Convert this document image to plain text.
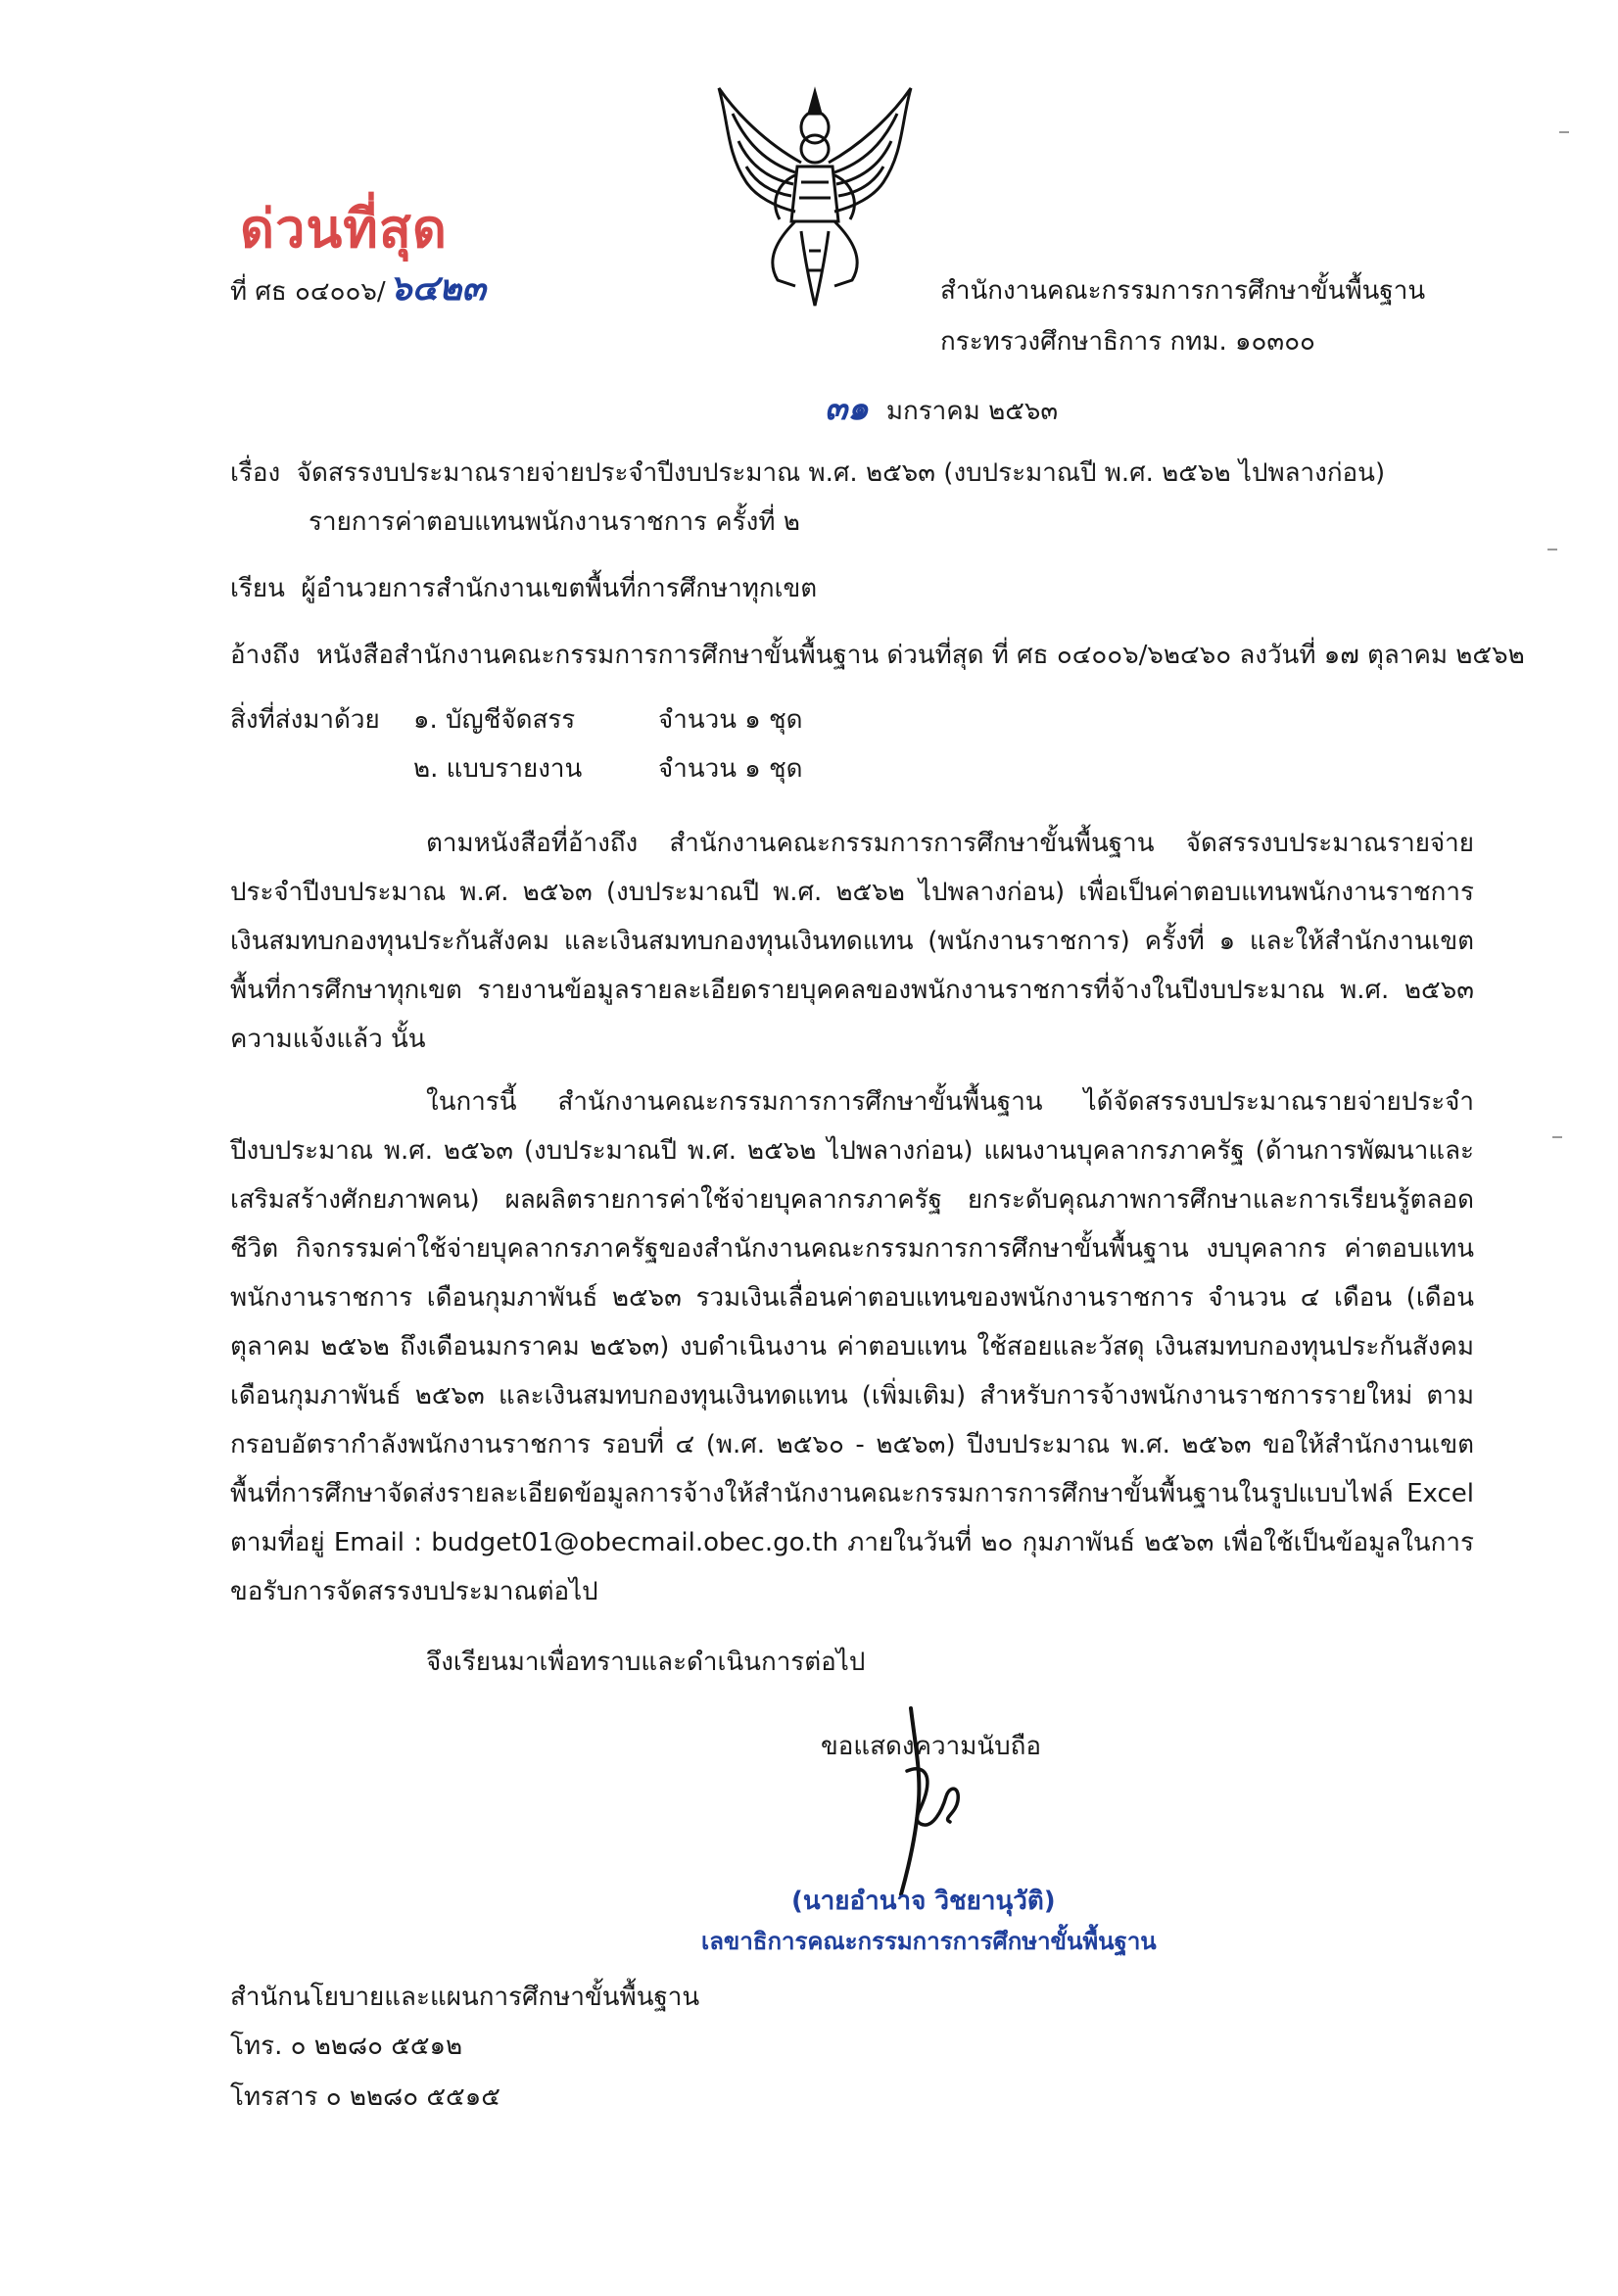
ด่วนที่สุด
ที่ ศธ ๐๔๐๐๖/ ๖๔๒๓	สำนักงานคณะกรรมการการศึกษาขั้นพื้นฐาน
กระทรวงศึกษาธิการ กทม. ๑๐๓๐๐
๓๑ มกราคม ๒๕๖๓
เรื่อง จัดสรรงบประมาณรายจ่ายประจำปีงบประมาณ พ.ศ. ๒๕๖๓ (งบประมาณปี พ.ศ. ๒๕๖๒ ไปพลางก่อน)
รายการค่าตอบแทนพนักงานราชการ ครั้งที่ ๒
เรียน ผู้อำนวยการสำนักงานเขตพื้นที่การศึกษาทุกเขต
อ้างถึง หนังสือสำนักงานคณะกรรมการการศึกษาขั้นพื้นฐาน ด่วนที่สุด ที่ ศธ ๐๔๐๐๖/๖๒๔๖๐ ลงวันที่ ๑๗ ตุลาคม ๒๕๖๒
สิ่งที่ส่งมาด้วย ๑. บัญชีจัดสรร	จำนวน ๑ ชุด
๒. แบบรายงาน	จำนวน ๑ ชุด

ตามหนังสือที่อ้างถึง สำนักงานคณะกรรมการการศึกษาขั้นพื้นฐาน จัดสรรงบประมาณรายจ่ายประจำปีงบประมาณ พ.ศ. ๒๕๖๓ (งบประมาณปี พ.ศ. ๒๕๖๒ ไปพลางก่อน) เพื่อเป็นค่าตอบแทนพนักงานราชการ เงินสมทบกองทุนประกันสังคม และเงินสมทบกองทุนเงินทดแทน (พนักงานราชการ) ครั้งที่ ๑ และให้สำนักงานเขตพื้นที่การศึกษาทุกเขต รายงานข้อมูลรายละเอียดรายบุคคลของพนักงานราชการที่จ้างในปีงบประมาณ พ.ศ. ๒๕๖๓ ความแจ้งแล้ว นั้น

ในการนี้ สำนักงานคณะกรรมการการศึกษาขั้นพื้นฐาน ได้จัดสรรงบประมาณรายจ่ายประจำปีงบประมาณ พ.ศ. ๒๕๖๓ (งบประมาณปี พ.ศ. ๒๕๖๒ ไปพลางก่อน) แผนงานบุคลากรภาครัฐ (ด้านการพัฒนาและเสริมสร้างศักยภาพคน) ผลผลิตรายการค่าใช้จ่ายบุคลากรภาครัฐ ยกระดับคุณภาพการศึกษาและการเรียนรู้ตลอดชีวิต กิจกรรมค่าใช้จ่ายบุคลากรภาครัฐของสำนักงานคณะกรรมการการศึกษาขั้นพื้นฐาน งบบุคลากร ค่าตอบแทนพนักงานราชการ เดือนกุมภาพันธ์ ๒๕๖๓ รวมเงินเลื่อนค่าตอบแทนของพนักงานราชการ จำนวน ๔ เดือน (เดือนตุลาคม ๒๕๖๒ ถึงเดือนมกราคม ๒๕๖๓) งบดำเนินงาน ค่าตอบแทน ใช้สอยและวัสดุ เงินสมทบกองทุนประกันสังคม เดือนกุมภาพันธ์ ๒๕๖๓ และเงินสมทบกองทุนเงินทดแทน (เพิ่มเติม) สำหรับการจ้างพนักงานราชการรายใหม่ ตามกรอบอัตรากำลังพนักงานราชการ รอบที่ ๔ (พ.ศ. ๒๕๖๐ - ๒๕๖๓) ปีงบประมาณ พ.ศ. ๒๕๖๓ ขอให้สำนักงานเขตพื้นที่การศึกษาจัดส่งรายละเอียดข้อมูลการจ้างให้สำนักงานคณะกรรมการการศึกษาขั้นพื้นฐานในรูปแบบไฟล์ Excel ตามที่อยู่ Email : budget01@obecmail.obec.go.th ภายในวันที่ ๒๐ กุมภาพันธ์ ๒๕๖๓ เพื่อใช้เป็นข้อมูลในการขอรับการจัดสรรงบประมาณต่อไป

จึงเรียนมาเพื่อทราบและดำเนินการต่อไป
ขอแสดงความนับถือ
(นายอำนาจ วิชยานุวัติ)
เลขาธิการคณะกรรมการการศึกษาขั้นพื้นฐาน
สำนักนโยบายและแผนการศึกษาขั้นพื้นฐาน
โทร. ๐ ๒๒๘๐ ๕๕๑๒
โทรสาร ๐ ๒๒๘๐ ๕๕๑๕
